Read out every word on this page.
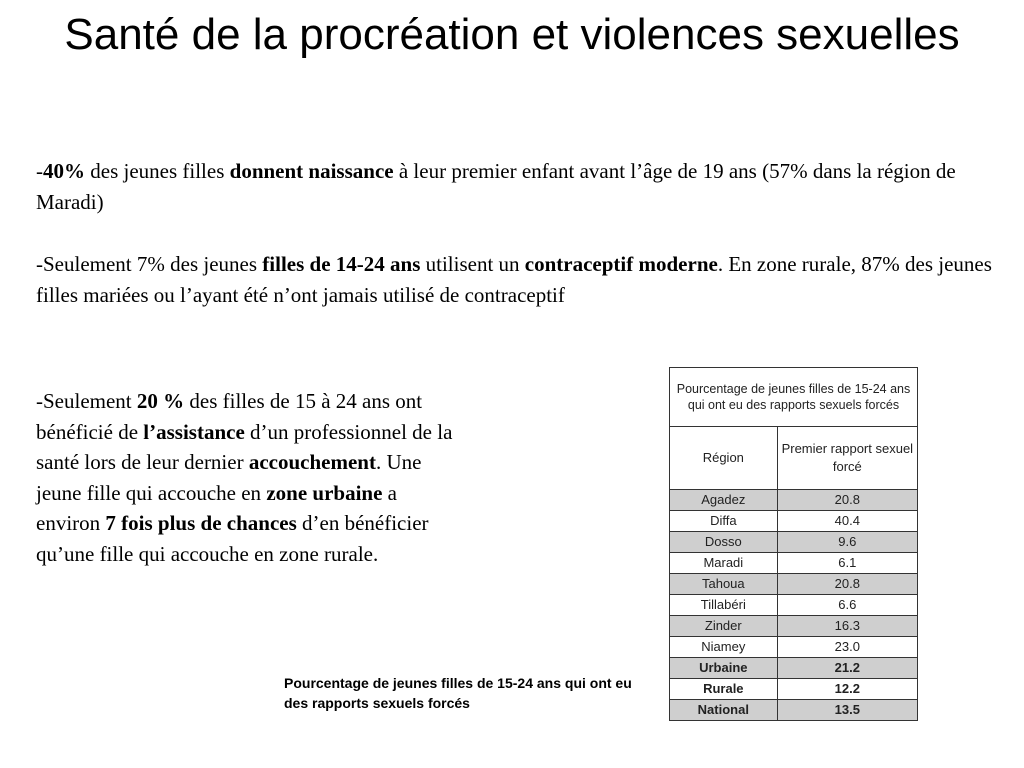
Santé de la procréation et violences sexuelles

-40% des jeunes filles donnent naissance à leur premier enfant avant l’âge de 19 ans (57% dans la région de Maradi)

-Seulement 7% des jeunes filles de 14-24 ans utilisent un contraceptif moderne. En zone rurale, 87% des jeunes filles mariées ou l’ayant été n’ont jamais utilisé de contraceptif

-Seulement 20 % des filles de 15 à 24 ans ont bénéficié de l’assistance d’un professionnel de la santé lors de leur dernier accouchement. Une jeune fille qui accouche en zone urbaine a environ 7 fois plus de chances d’en bénéficier qu’une fille qui accouche en zone rurale.

Pourcentage de jeunes filles de 15-24 ans qui ont eu des rapports sexuels forcés	
Région	Premier rapport sexuel forcé
Agadez	20.8
Diffa	40.4
Dosso	9.6
Maradi	6.1
Tahoua	20.8
Tillabéri	6.6
Zinder	16.3
Niamey	23.0
Urbaine	21.2
Rurale	12.2
National	13.5

Pourcentage de jeunes filles de 15-24 ans qui ont eu des rapports sexuels forcés
